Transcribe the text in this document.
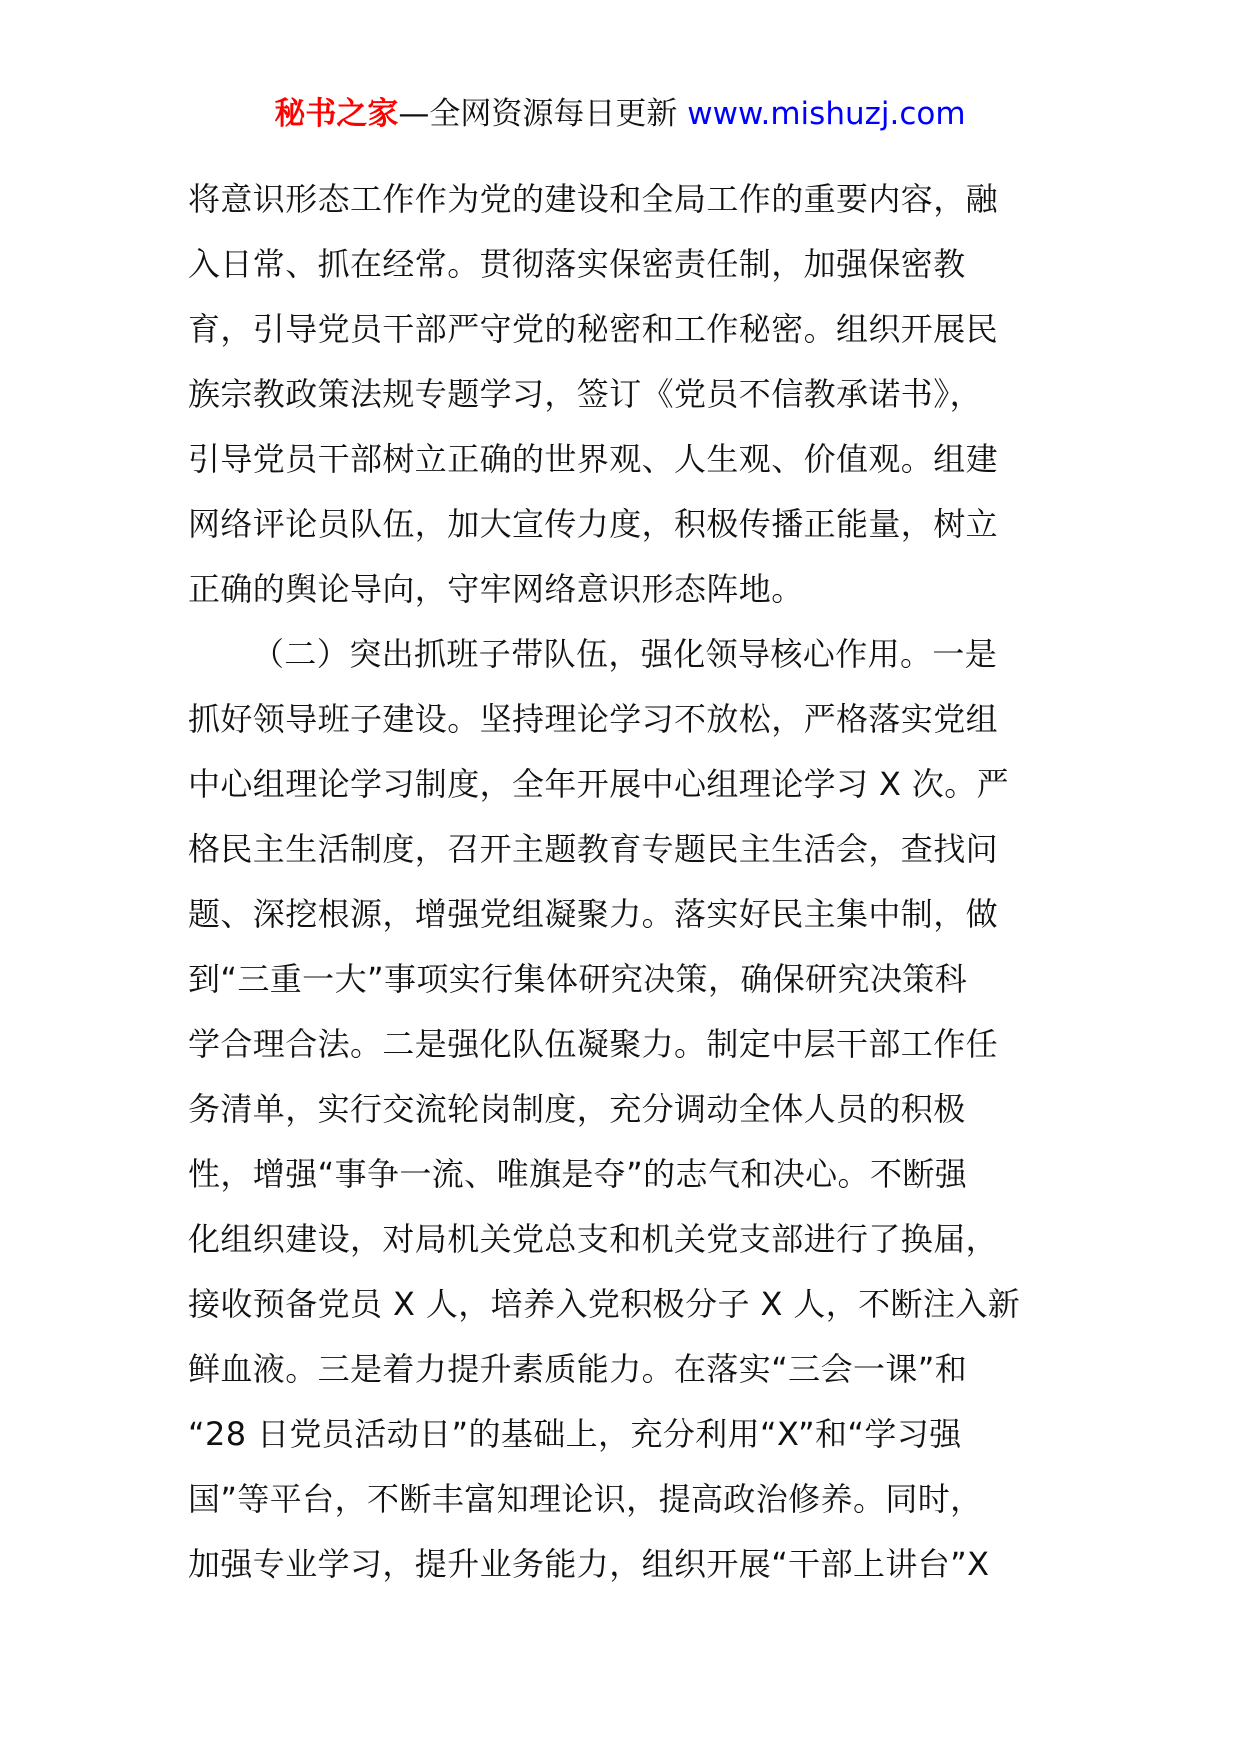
秘书之家—全网资源每日更新 www.mishuzj.com
将意识形态工作作为党的建设和全局工作的重要内容，融
入日常、抓在经常。贯彻落实保密责任制，加强保密教
育，引导党员干部严守党的秘密和工作秘密。组织开展民
族宗教政策法规专题学习，签订《党员不信教承诺书》，
引导党员干部树立正确的世界观、人生观、价值观。组建
网络评论员队伍，加大宣传力度，积极传播正能量，树立
正确的舆论导向，守牢网络意识形态阵地。
（二）突出抓班子带队伍，强化领导核心作用。一是
抓好领导班子建设。坚持理论学习不放松，严格落实党组
中心组理论学习制度，全年开展中心组理论学习 X 次。严
格民主生活制度，召开主题教育专题民主生活会，查找问
题、深挖根源，增强党组凝聚力。落实好民主集中制，做
到“三重一大”事项实行集体研究决策，确保研究决策科
学合理合法。二是强化队伍凝聚力。制定中层干部工作任
务清单，实行交流轮岗制度，充分调动全体人员的积极
性，增强“事争一流、唯旗是夺”的志气和决心。不断强
化组织建设，对局机关党总支和机关党支部进行了换届，
接收预备党员 X 人，培养入党积极分子 X 人，不断注入新
鲜血液。三是着力提升素质能力。在落实“三会一课”和
“28 日党员活动日”的基础上，充分利用“X”和“学习强
国”等平台，不断丰富知理论识，提高政治修养。同时，
加强专业学习，提升业务能力，组织开展“干部上讲台”X
